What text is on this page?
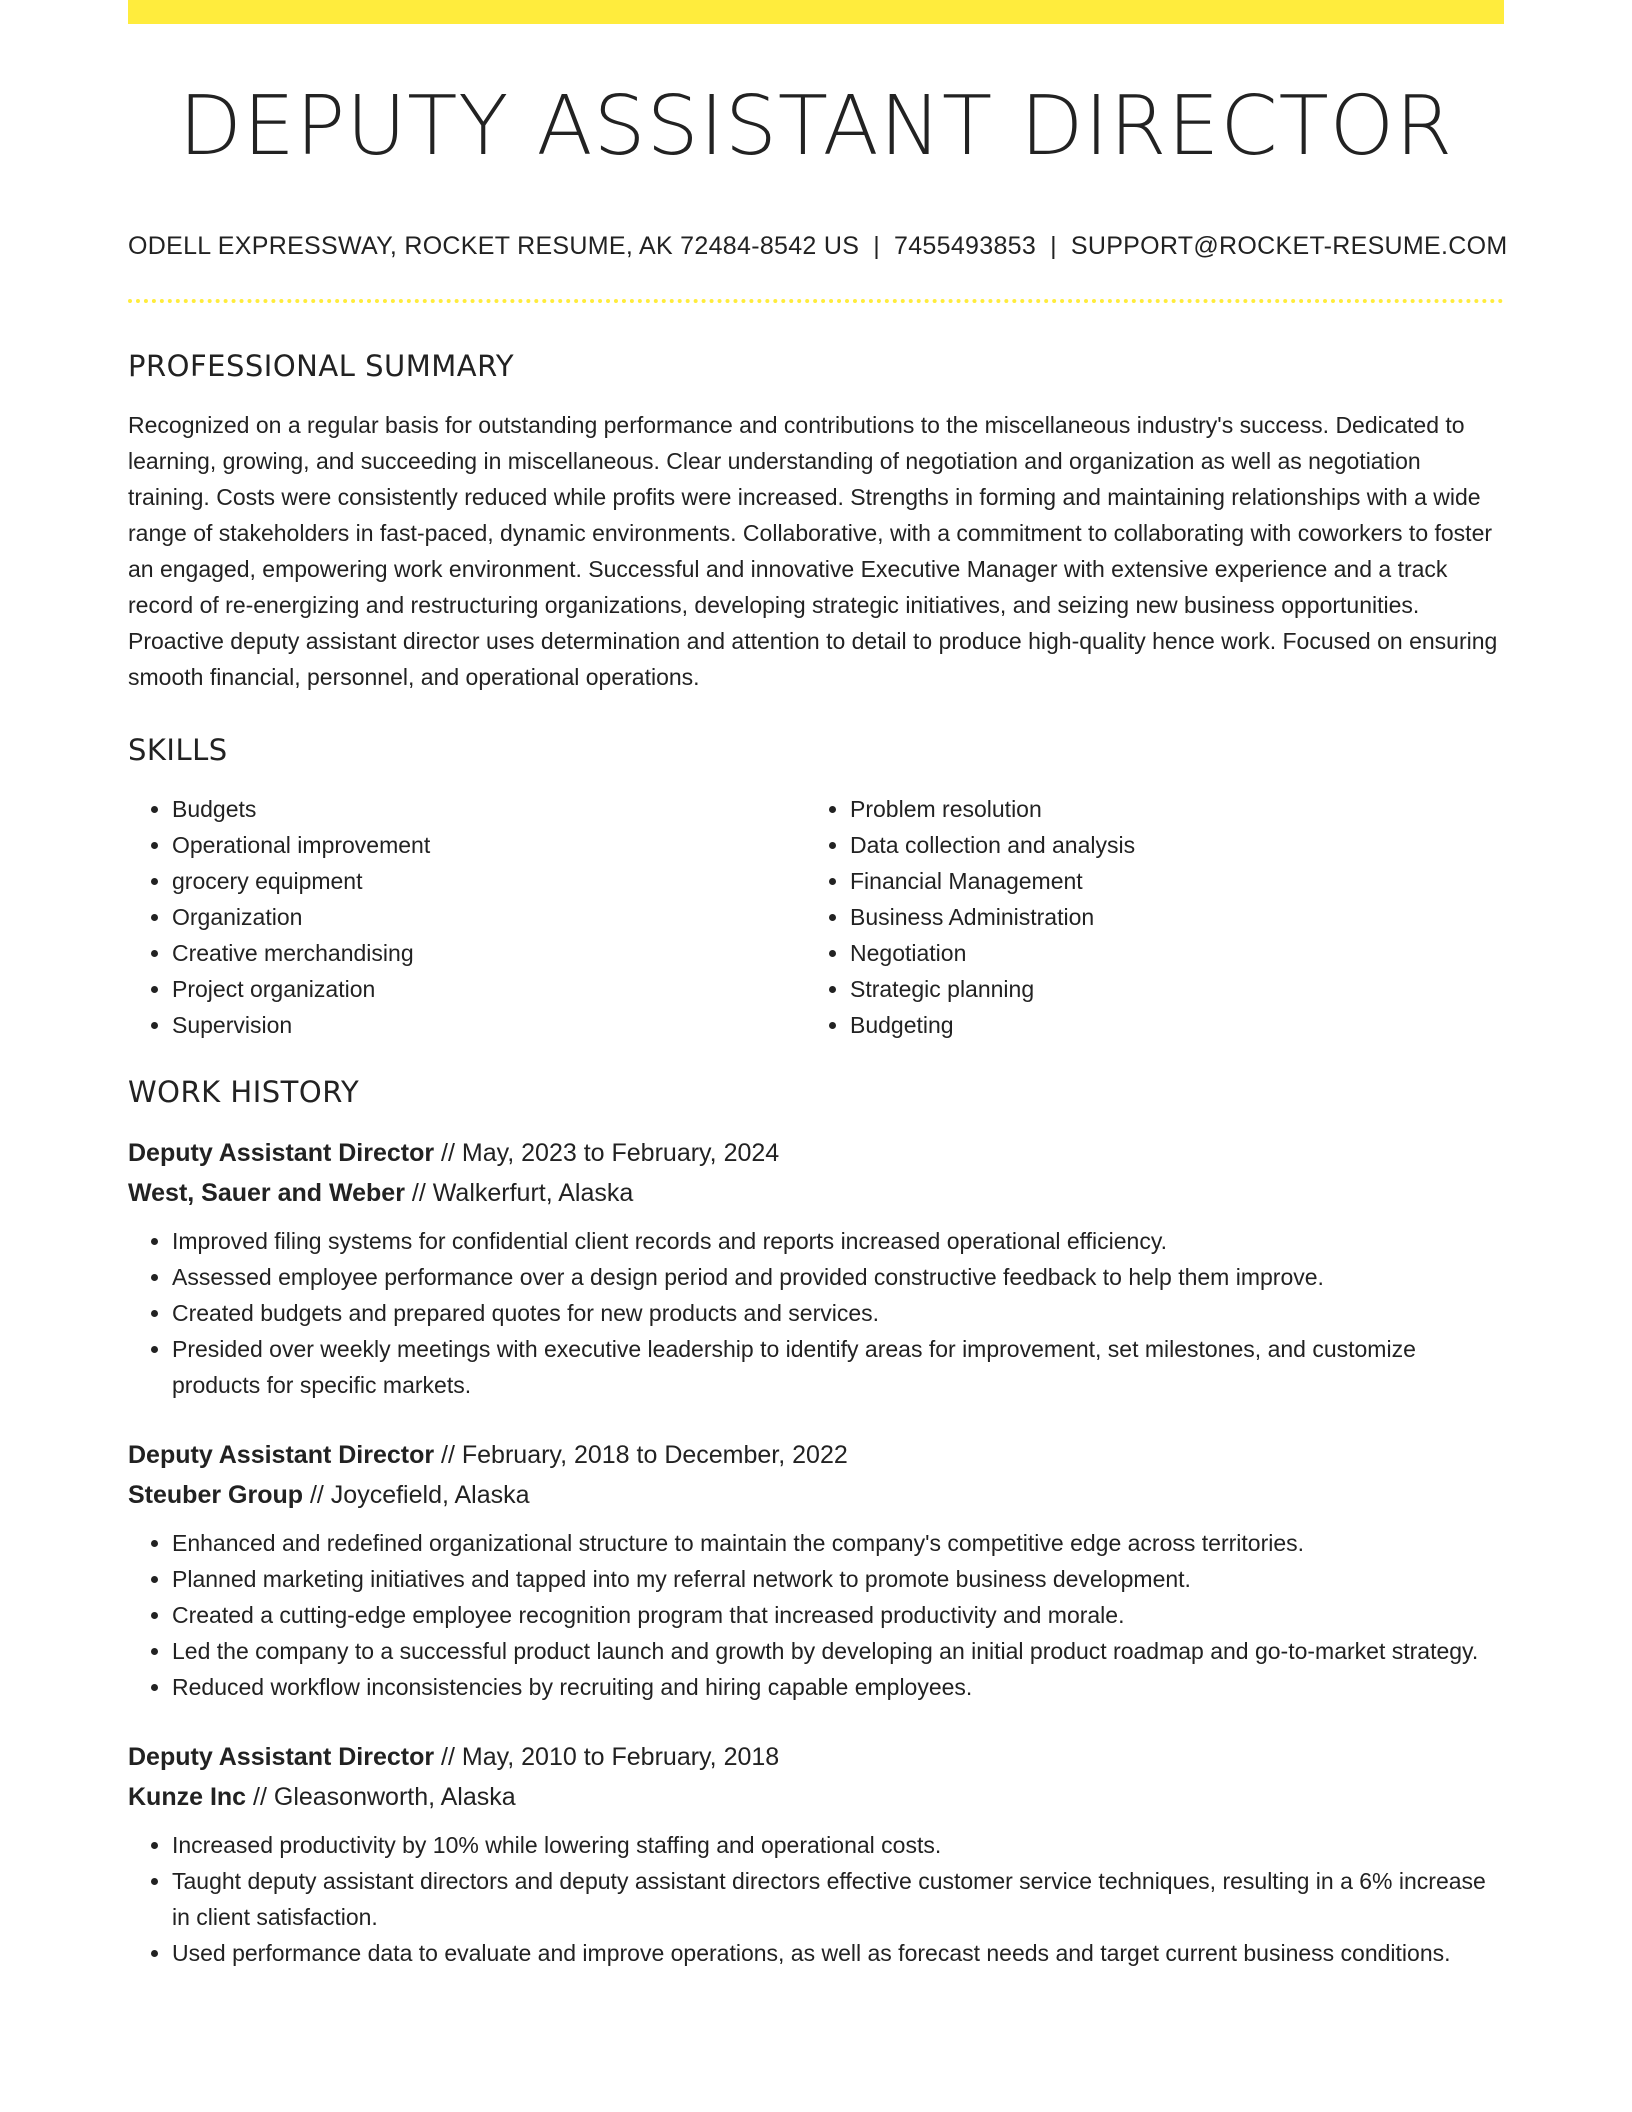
DEPUTY ASSISTANT DIRECTOR
ODELL EXPRESSWAY, ROCKET RESUME, AK 72484-8542 US | 7455493853 | SUPPORT@ROCKET-RESUME.COM
PROFESSIONAL SUMMARY
Recognized on a regular basis for outstanding performance and contributions to the miscellaneous industry's success. Dedicated to learning, growing, and succeeding in miscellaneous. Clear understanding of negotiation and organization as well as negotiation training. Costs were consistently reduced while profits were increased. Strengths in forming and maintaining relationships with a wide range of stakeholders in fast-paced, dynamic environments. Collaborative, with a commitment to collaborating with coworkers to foster an engaged, empowering work environment. Successful and innovative Executive Manager with extensive experience and a track record of re-energizing and restructuring organizations, developing strategic initiatives, and seizing new business opportunities. Proactive deputy assistant director uses determination and attention to detail to produce high-quality hence work. Focused on ensuring smooth financial, personnel, and operational operations.
SKILLS
• Budgets
• Operational improvement
• grocery equipment
• Organization
• Creative merchandising
• Project organization
• Supervision
• Problem resolution
• Data collection and analysis
• Financial Management
• Business Administration
• Negotiation
• Strategic planning
• Budgeting
WORK HISTORY
Deputy Assistant Director // May, 2023 to February, 2024
West, Sauer and Weber // Walkerfurt, Alaska
• Improved filing systems for confidential client records and reports increased operational efficiency.
• Assessed employee performance over a design period and provided constructive feedback to help them improve.
• Created budgets and prepared quotes for new products and services.
• Presided over weekly meetings with executive leadership to identify areas for improvement, set milestones, and customize products for specific markets.
Deputy Assistant Director // February, 2018 to December, 2022
Steuber Group // Joycefield, Alaska
• Enhanced and redefined organizational structure to maintain the company's competitive edge across territories.
• Planned marketing initiatives and tapped into my referral network to promote business development.
• Created a cutting-edge employee recognition program that increased productivity and morale.
• Led the company to a successful product launch and growth by developing an initial product roadmap and go-to-market strategy.
• Reduced workflow inconsistencies by recruiting and hiring capable employees.
Deputy Assistant Director // May, 2010 to February, 2018
Kunze Inc // Gleasonworth, Alaska
• Increased productivity by 10% while lowering staffing and operational costs.
• Taught deputy assistant directors and deputy assistant directors effective customer service techniques, resulting in a 6% increase in client satisfaction.
• Used performance data to evaluate and improve operations, as well as forecast needs and target current business conditions.
